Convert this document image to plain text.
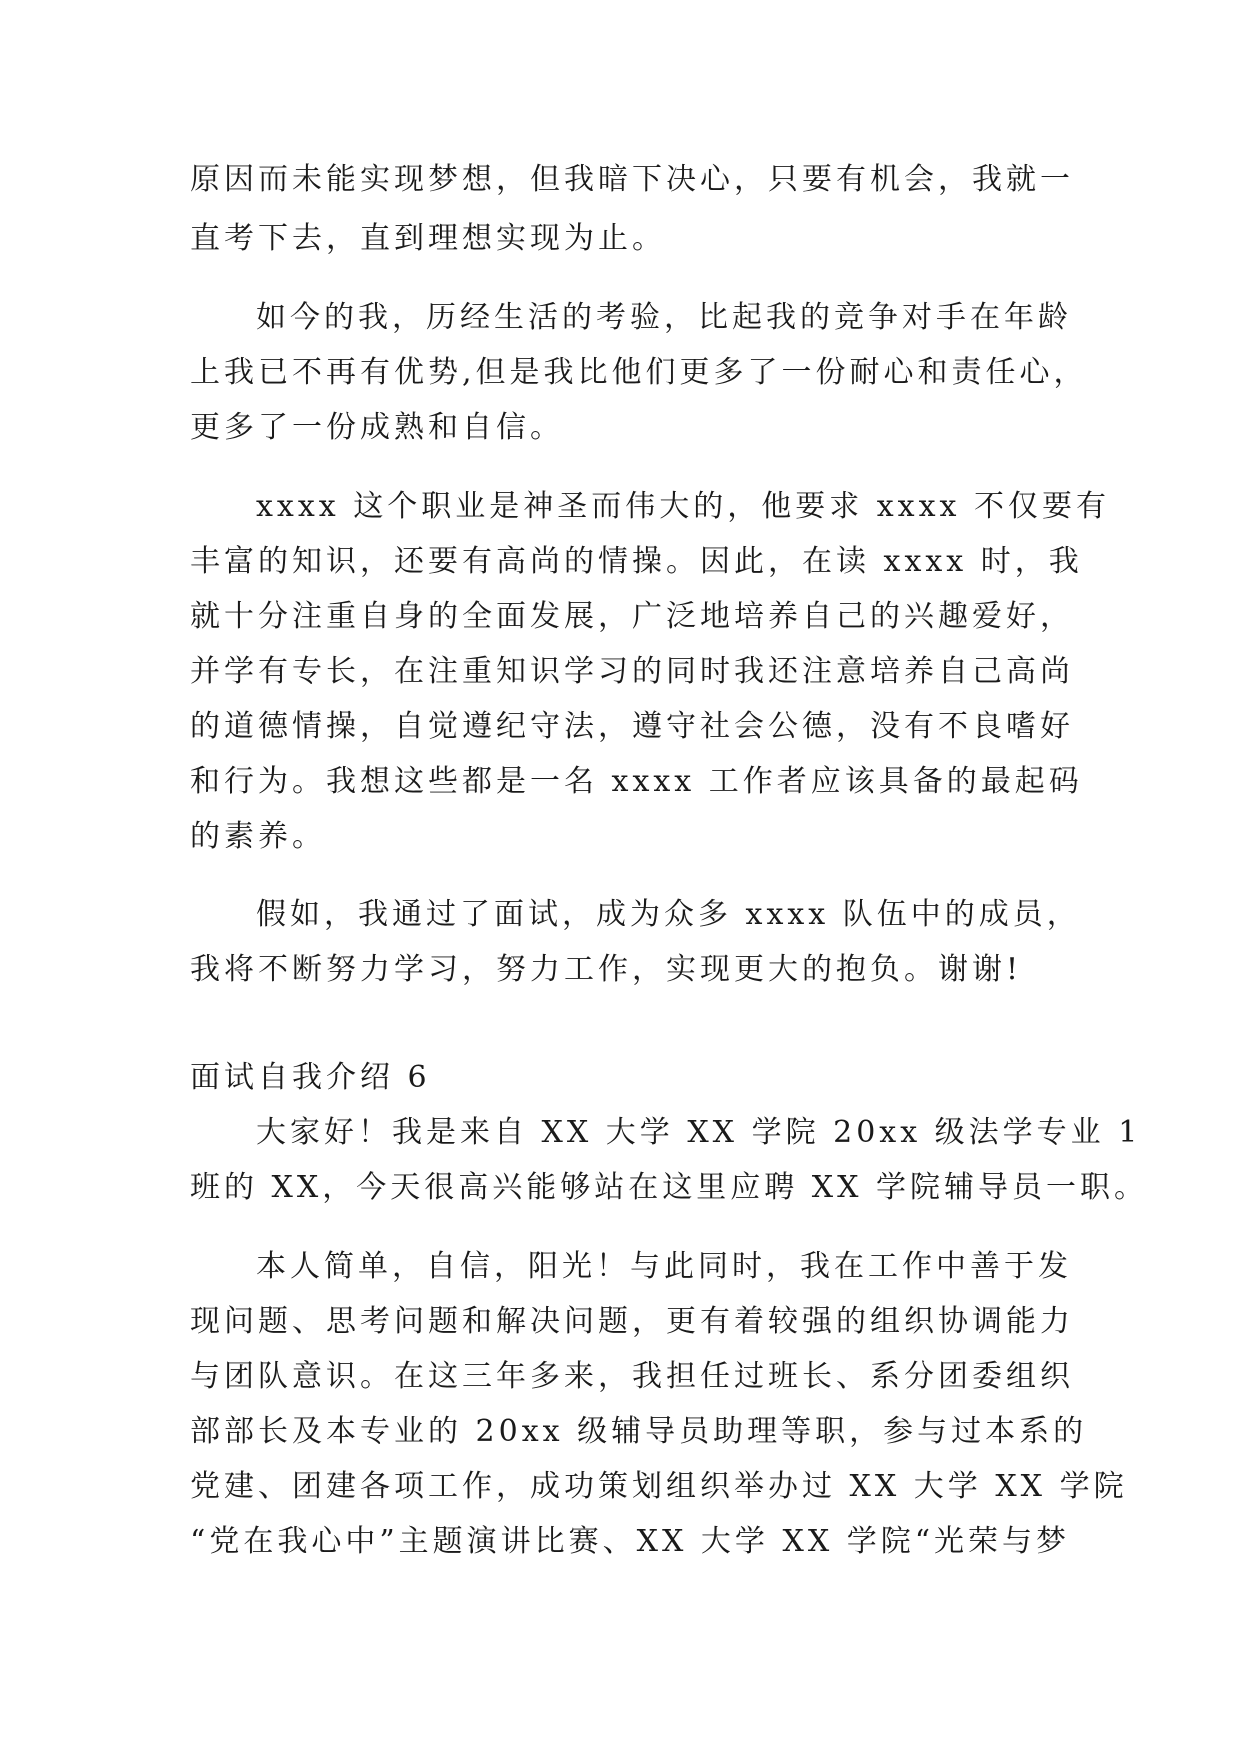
原因而未能实现梦想，但我暗下决心，只要有机会，我就一
直考下去，直到理想实现为止。
如今的我，历经生活的考验，比起我的竞争对手在年龄
上我已不再有优势,但是我比他们更多了一份耐心和责任心，
更多了一份成熟和自信。
xxxx 这个职业是神圣而伟大的，他要求 xxxx 不仅要有
丰富的知识，还要有高尚的情操。因此，在读 xxxx 时，我
就十分注重自身的全面发展，广泛地培养自己的兴趣爱好，
并学有专长，在注重知识学习的同时我还注意培养自己高尚
的道德情操，自觉遵纪守法，遵守社会公德，没有不良嗜好
和行为。我想这些都是一名 xxxx 工作者应该具备的最起码
的素养。
假如，我通过了面试，成为众多 xxxx 队伍中的成员，
我将不断努力学习，努力工作，实现更大的抱负。谢谢!
面试自我介绍 6
大家好！我是来自 XX 大学 XX 学院 20xx 级法学专业 1
班的 XX，今天很高兴能够站在这里应聘 XX 学院辅导员一职。
本人简单，自信，阳光！与此同时，我在工作中善于发
现问题、思考问题和解决问题，更有着较强的组织协调能力
与团队意识。在这三年多来，我担任过班长、系分团委组织
部部长及本专业的 20xx 级辅导员助理等职，参与过本系的
党建、团建各项工作，成功策划组织举办过 XX 大学 XX 学院
“党在我心中”主题演讲比赛、XX 大学 XX 学院“光荣与梦
